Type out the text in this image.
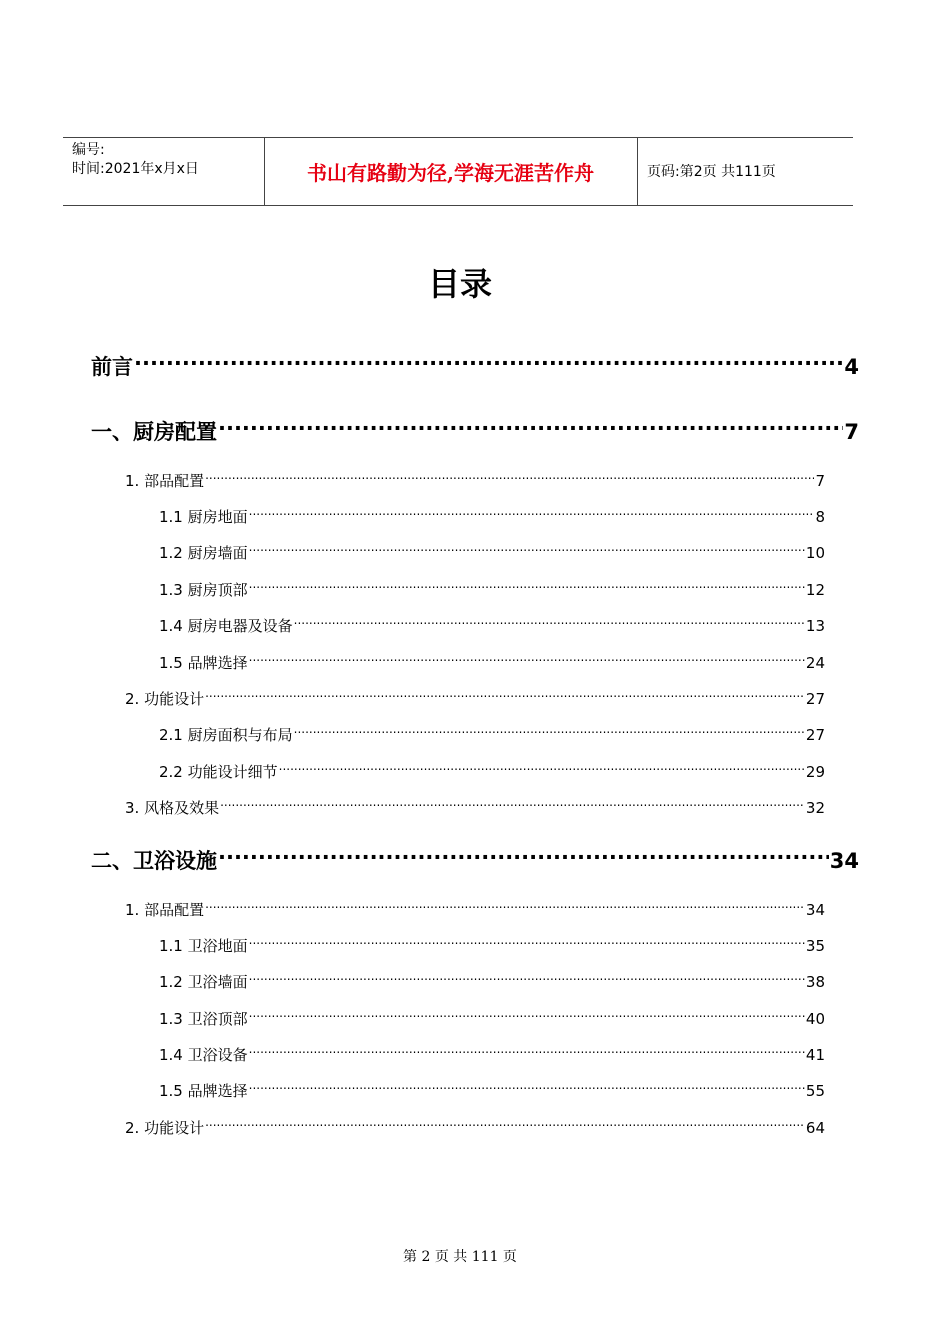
编号:
时间:2021年x月x日	书山有路勤为径,学海无涯苦作舟	页码:第2页 共111页
目录
前言 .....	4
一、厨房配置 .....	7
1. 部品配置 .....	7
1.1 厨房地面 .....	8
1.2 厨房墙面 .....	10
1.3 厨房顶部 .....	12
1.4 厨房电器及设备 .....	13
1.5 品牌选择 .....	24
2. 功能设计 .....	27
2.1 厨房面积与布局 .....	27
2.2 功能设计细节 .....	29
3. 风格及效果 .....	32
二、卫浴设施 .....	34
1. 部品配置 .....	34
1.1 卫浴地面 .....	35
1.2 卫浴墙面 .....	38
1.3 卫浴顶部 .....	40
1.4 卫浴设备 .....	41
1.5 品牌选择 .....	55
2. 功能设计 .....	64
第 2 页 共 111 页
